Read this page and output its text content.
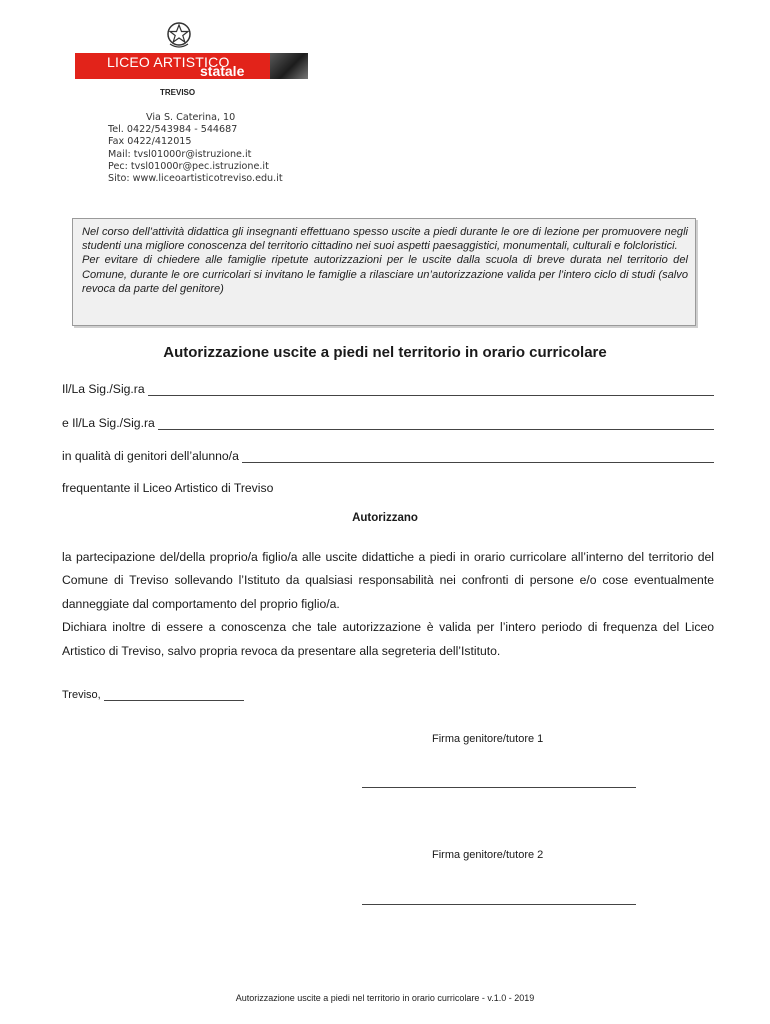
LICEO ARTISTICO
statale
TREVISO
Via S. Caterina, 10
Tel. 0422/543984 - 544687
Fax 0422/412015
Mail: tvsl01000r@istruzione.it
Pec: tvsl01000r@pec.istruzione.it
Sito: www.liceoartisticotreviso.edu.it

Nel corso dell’attività didattica gli insegnanti effettuano spesso uscite a piedi durante le ore di lezione per promuovere negli studenti una migliore conoscenza del territorio cittadino nei suoi aspetti paesaggistici, monumentali, culturali e folcloristici.

Per evitare di chiedere alle famiglie ripetute autorizzazioni per le uscite dalla scuola di breve durata nel territorio del Comune, durante le ore curricolari si invitano le famiglie a rilasciare un’autorizzazione valida per l’intero ciclo di studi (salvo revoca da parte del genitore)

Autorizzazione uscite a piedi nel territorio in orario curricolare
Il/La Sig./Sig.ra
e Il/La Sig./Sig.ra
in qualità di genitori dell’alunno/a
frequentante il Liceo Artistico di Treviso
Autorizzano

la partecipazione del/della proprio/a figlio/a alle uscite didattiche a piedi in orario curricolare all’interno del territorio del Comune di Treviso sollevando l’Istituto da qualsiasi responsabilità nei confronti di persone e/o cose eventualmente danneggiate dal comportamento del proprio figlio/a.

Dichiara inoltre di essere a conoscenza che tale autorizzazione è valida per l’intero periodo di frequenza del Liceo Artistico di Treviso, salvo propria revoca da presentare alla segreteria dell’Istituto.

Treviso,
Firma genitore/tutore 1
Firma genitore/tutore 2
Autorizzazione uscite a piedi nel territorio in orario curricolare - v.1.0 - 2019
